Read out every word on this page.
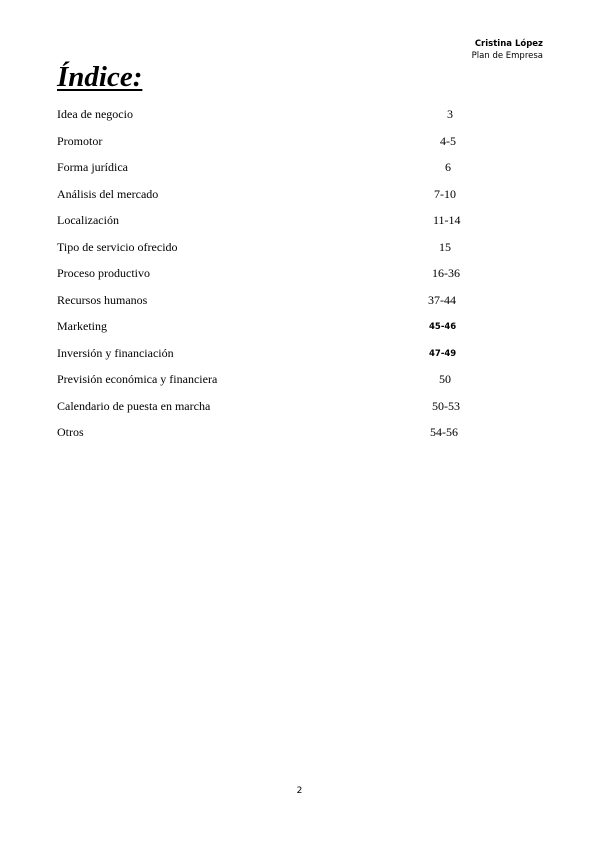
Cristina López
Plan de Empresa
Índice:
Idea de negocio	3
Promotor	4-5
Forma jurídica	6
Análisis del mercado	7-10
Localización	11-14
Tipo de servicio ofrecido	15
Proceso productivo	16-36
Recursos humanos	37-44
Marketing	45-46
Inversión y financiación	47-49
Previsión económica y financiera	50
Calendario de puesta en marcha	50-53
Otros	54-56
2
